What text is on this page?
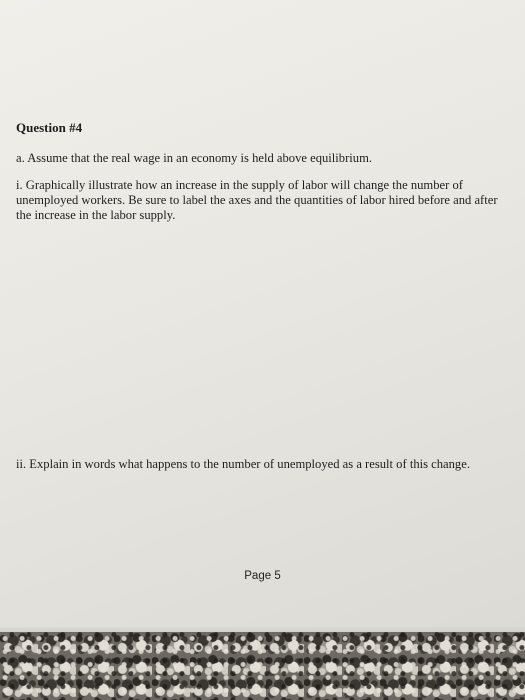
Question #4
a. Assume that the real wage in an economy is held above equilibrium.
i. Graphically illustrate how an increase in the supply of labor will change the number of
unemployed workers. Be sure to label the axes and the quantities of labor hired before and after
the increase in the labor supply.
ii. Explain in words what happens to the number of unemployed as a result of this change.
Page 5
